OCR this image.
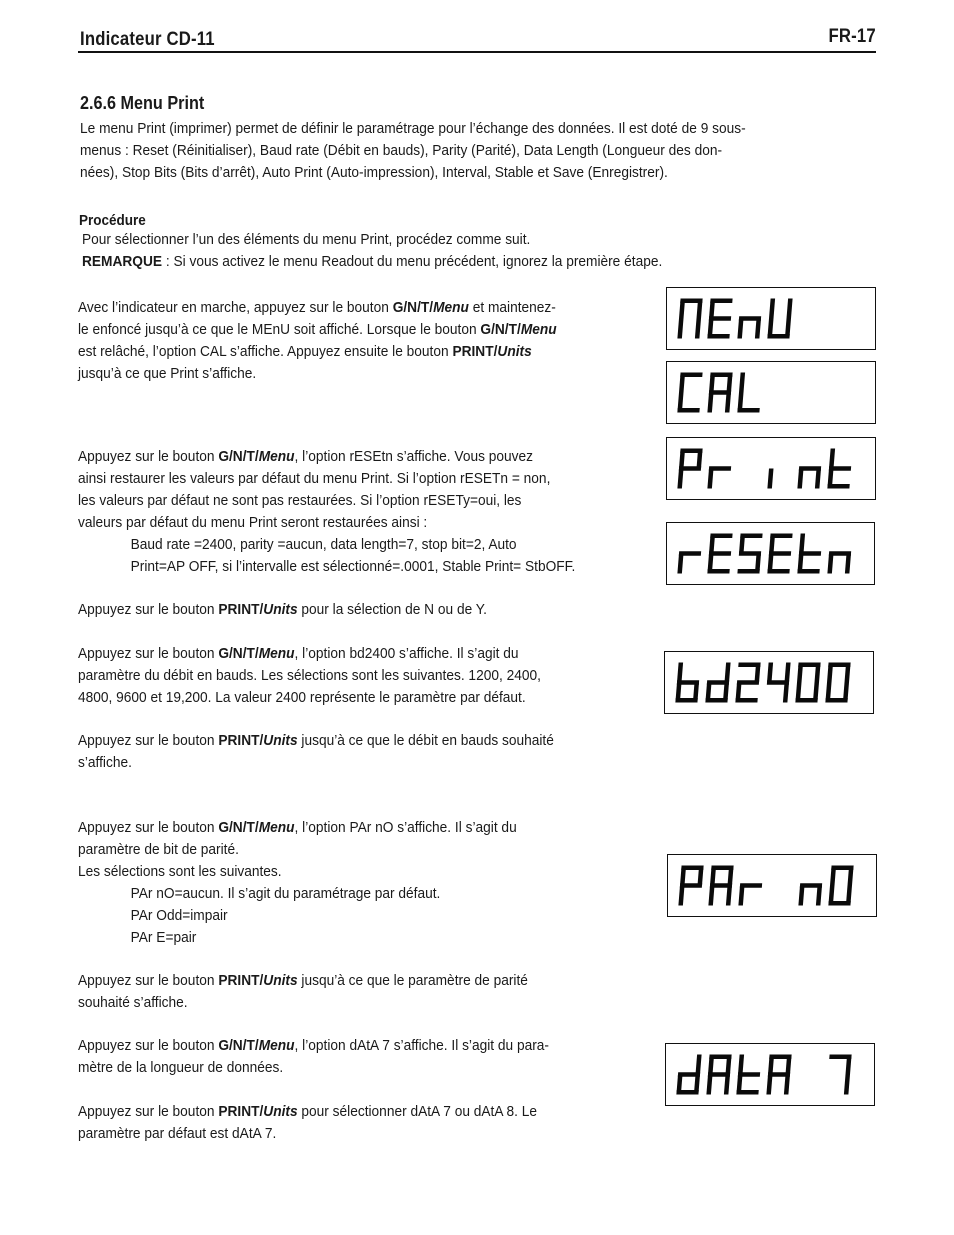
Indicateur CD-11	FR-17
2.6.6 Menu Print
Le menu Print (imprimer) permet de définir le paramétrage pour l’échange des données. Il est doté de 9 sous-
menus : Reset (Réinitialiser), Baud rate (Débit en bauds), Parity (Parité), Data Length (Longueur des don-
nées), Stop Bits (Bits d’arrêt), Auto Print (Auto-impression), Interval, Stable et Save (Enregistrer).
Procédure
Pour sélectionner l’un des éléments du menu Print, procédez comme suit.
REMARQUE : Si vous activez le menu Readout du menu précédent, ignorez la première étape.
Avec l’indicateur en marche, appuyez sur le bouton G/N/T/Menu et maintenez-
le enfoncé jusqu’à ce que le MEnU soit affiché. Lorsque le bouton G/N/T/Menu
est relâché, l’option CAL s’affiche. Appuyez ensuite le bouton PRINT/Units
jusqu’à ce que Print s’affiche.
Appuyez sur le bouton G/N/T/Menu, l’option rESEtn s’affiche. Vous pouvez
ainsi restaurer les valeurs par défaut du menu Print. Si l’option rESETn = non,
les valeurs par défaut ne sont pas restaurées. Si l’option rESETy=oui, les
valeurs par défaut du menu Print seront restaurées ainsi :
Baud rate =2400, parity =aucun, data length=7, stop bit=2, Auto
Print=AP OFF, si l’intervalle est sélectionné=.0001, Stable Print= StbOFF.
Appuyez sur le bouton PRINT/Units pour la sélection de N ou de Y.
Appuyez sur le bouton G/N/T/Menu, l’option bd2400 s’affiche. Il s’agit du
paramètre du débit en bauds. Les sélections sont les suivantes. 1200, 2400,
4800, 9600 et 19,200. La valeur 2400 représente le paramètre par défaut.
Appuyez sur le bouton PRINT/Units jusqu’à ce que le débit en bauds souhaité
s’affiche.
Appuyez sur le bouton G/N/T/Menu, l’option PAr nO s’affiche. Il s’agit du
paramètre de bit de parité.
Les sélections sont les suivantes.
PAr nO=aucun. Il s’agit du paramétrage par défaut.
PAr Odd=impair
PAr E=pair
Appuyez sur le bouton PRINT/Units jusqu’à ce que le paramètre de parité
souhaité s’affiche.
Appuyez sur le bouton G/N/T/Menu, l’option dAtA 7 s’affiche. Il s’agit du para-
mètre de la longueur de données.
Appuyez sur le bouton PRINT/Units pour sélectionner dAtA 7 ou dAtA 8. Le
paramètre par défaut est dAtA 7.
